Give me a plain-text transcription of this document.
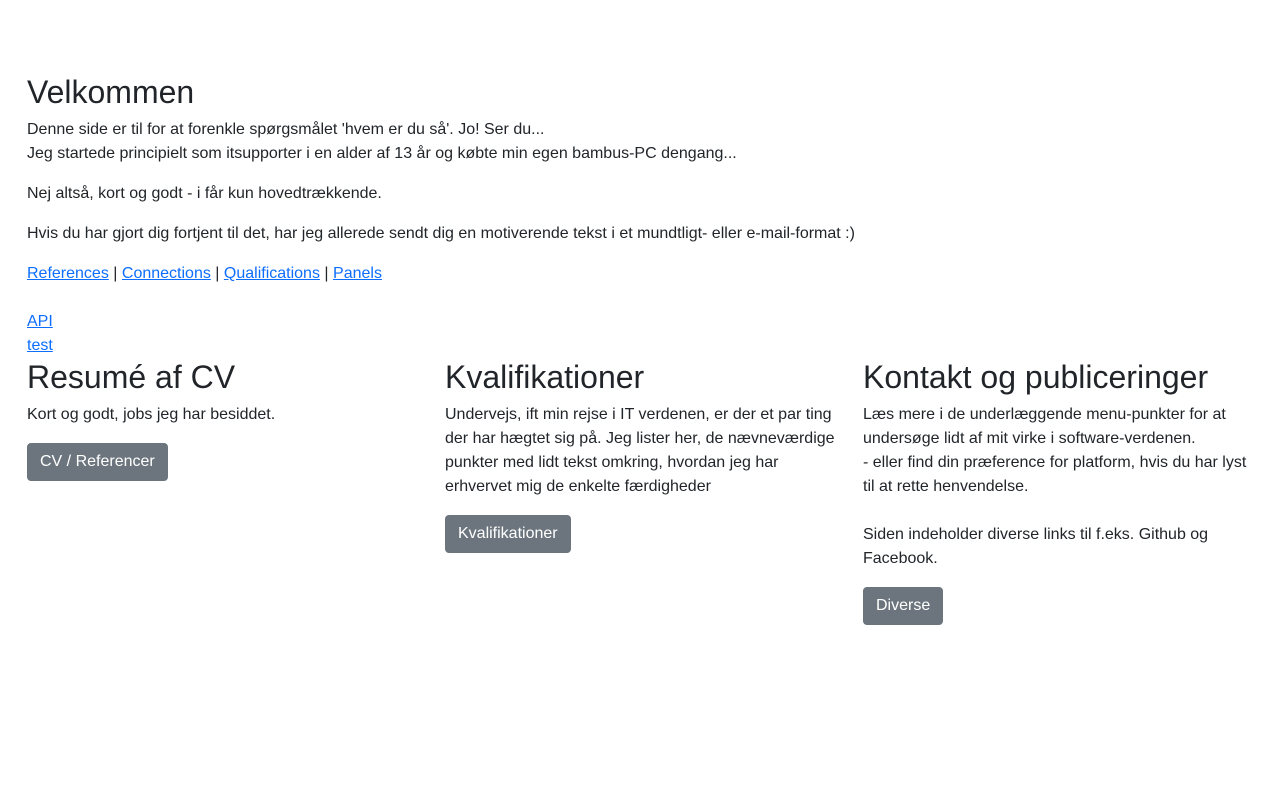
Velkommen

Denne side er til for at forenkle spørgsmålet 'hvem er du så'. Jo! Ser du...

Jeg startede principielt som itsupporter i en alder af 13 år og købte min egen bambus-PC dengang...

Nej altså, kort og godt - i får kun hovedtrækkende.

Hvis du har gjort dig fortjent til det, har jeg allerede sendt dig en motiverende tekst i et mundtligt- eller e-mail-format :)

References | Connections | Qualifications | Panels

API
test
Resumé af CV

Kort og godt, jobs jeg har besiddet.

CV / Referencer
Kvalifikationer

Undervejs, ift min rejse i IT verdenen, er der et par ting der har hægtet sig på. Jeg lister her, de nævneværdige punkter med lidt tekst omkring, hvordan jeg har erhvervet mig de enkelte færdigheder

Kvalifikationer
Kontakt og publiceringer

Læs mere i de underlæggende menu-punkter for at undersøge lidt af mit virke i software-verdenen.
- eller find din præference for platform, hvis du har lyst til at rette henvendelse.

Siden indeholder diverse links til f.eks. Github og Facebook.

Diverse
